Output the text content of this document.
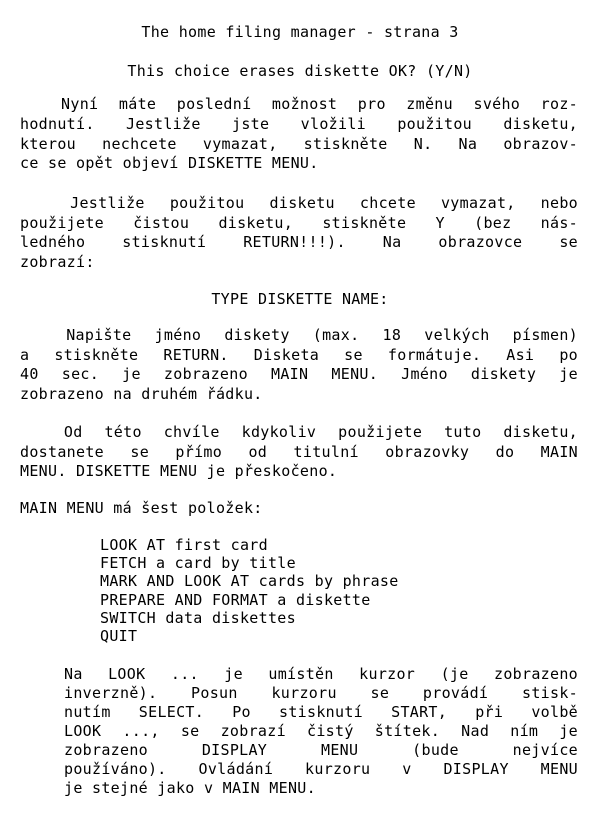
The home filing manager - strana 3
This choice erases diskette OK? (Y/N)
Nyní máte poslední možnost pro změnu svého roz-
hodnutí. Jestliže jste vložili použitou disketu,
kterou nechcete vymazat, stiskněte N. Na obrazov-
ce se opět objeví DISKETTE MENU.
Jestliže použitou disketu chcete vymazat, nebo
použijete čistou disketu, stiskněte Y (bez nás-
ledného stisknutí RETURN!!!). Na obrazovce se
zobrazí:
TYPE DISKETTE NAME:
Napište jméno diskety (max. 18 velkých písmen)
a stiskněte RETURN. Disketa se formátuje. Asi po
40 sec. je zobrazeno MAIN MENU. Jméno diskety je
zobrazeno na druhém řádku.
Od této chvíle kdykoliv použijete tuto disketu,
dostanete se přímo od titulní obrazovky do MAIN
MENU. DISKETTE MENU je přeskočeno.
MAIN MENU má šest položek:
LOOK AT first card
FETCH a card by title
MARK AND LOOK AT cards by phrase
PREPARE AND FORMAT a diskette
SWITCH data diskettes
QUIT
Na LOOK ... je umístěn kurzor (je zobrazeno
inverzně). Posun kurzoru se provádí stisk-
nutím SELECT. Po stisknutí START, při volbě
LOOK ..., se zobrazí čistý štítek. Nad ním je
zobrazeno DISPLAY MENU (bude nejvíce
používáno). Ovládání kurzoru v DISPLAY MENU
je stejné jako v MAIN MENU.
